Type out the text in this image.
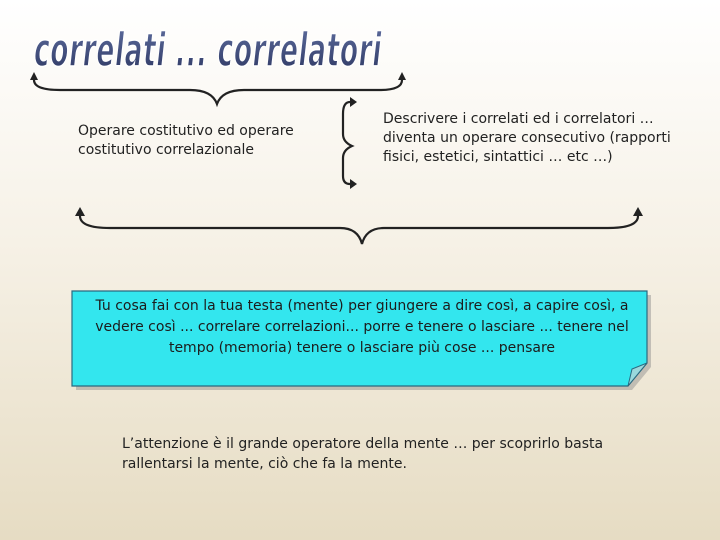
correlati ... correlatori
Operare costitutivo ed operare costitutivo correlazionale
Descrivere i correlati ed i correlatori … diventa un operare consecutivo (rapporti fisici, estetici, sintattici … etc …)
Tu cosa fai con la tua testa (mente) per giungere a dire così, a capire così, a vedere così ... correlare correlazioni... porre e tenere o lasciare ... tenere nel tempo (memoria) tenere o lasciare più cose ... pensare
L’attenzione è il grande operatore della mente … per scoprirlo basta rallentarsi la mente, ciò che fa la mente.
